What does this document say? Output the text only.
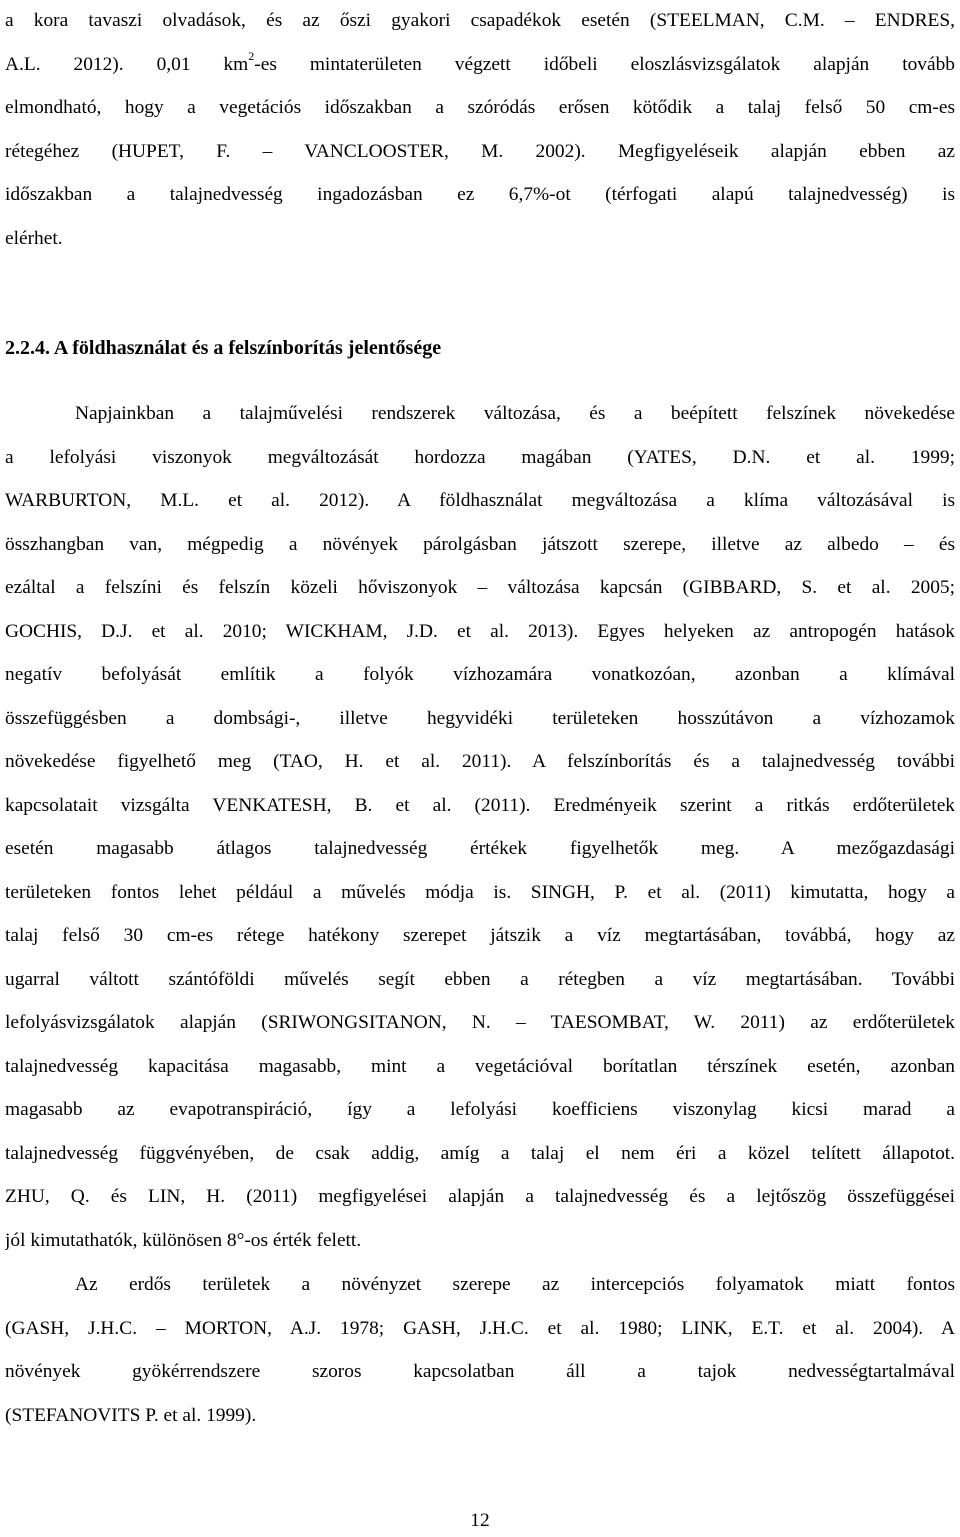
a kora tavaszi olvadások, és az őszi gyakori csapadékok esetén (STEELMAN, C.M. – ENDRES,
A.L. 2012). 0,01 $km^2-es$ mintaterületen végzett időbeli eloszlásvizsgálatok alapján tovább
elmondható, hogy a vegetációs időszakban a szóródás erősen kötődik a talaj felső 50 cm-es
rétegéhez (HUPET, F. – VANCLOOSTER, M. 2002). Megfigyeléseik alapján ebben az
időszakban a talajnedvesség ingadozásban ez 6,7%-ot (térfogati alapú talajnedvesség) is
elérhet.
2.2.4. A földhasználat és a felszínborítás jelentősége
Napjainkban a talajművelési rendszerek változása, és a beépített felszínek növekedése
a lefolyási viszonyok megváltozását hordozza magában (YATES, D.N. et al. 1999;
WARBURTON, M.L. et al. 2012). A földhasználat megváltozása a klíma változásával is
összhangban van, mégpedig a növények párolgásban játszott szerepe, illetve az albedo – és
ezáltal a felszíni és felszín közeli hőviszonyok – változása kapcsán (GIBBARD, S. et al. 2005;
GOCHIS, D.J. et al. 2010; WICKHAM, J.D. et al. 2013). Egyes helyeken az antropogén hatások
negatív befolyását említik a folyók vízhozamára vonatkozóan, azonban a klímával
összefüggésben a dombsági-, illetve hegyvidéki területeken hosszútávon a vízhozamok
növekedése figyelhető meg (TAO, H. et al. 2011). A felszínborítás és a talajnedvesség további
kapcsolatait vizsgálta VENKATESH, B. et al. (2011). Eredményeik szerint a ritkás erdőterületek
esetén magasabb átlagos talajnedvesség értékek figyelhetők meg. A mezőgazdasági
területeken fontos lehet például a művelés módja is. SINGH, P. et al. (2011) kimutatta, hogy a
talaj felső 30 cm-es rétege hatékony szerepet játszik a víz megtartásában, továbbá, hogy az
ugarral váltott szántóföldi művelés segít ebben a rétegben a víz megtartásában. További
lefolyásvizsgálatok alapján (SRIWONGSITANON, N. – TAESOMBAT, W. 2011) az erdőterületek
talajnedvesség kapacitása magasabb, mint a vegetációval borítatlan térszínek esetén, azonban
magasabb az evapotranspiráció, így a lefolyási koefficiens viszonylag kicsi marad a
talajnedvesség függvényében, de csak addig, amíg a talaj el nem éri a közel telített állapotot.
ZHU, Q. és LIN, H. (2011) megfigyelései alapján a talajnedvesség és a lejtőszög összefüggései
jól kimutathatók, különösen 8°-os érték felett.
Az erdős területek a növényzet szerepe az intercepciós folyamatok miatt fontos
(GASH, J.H.C. – MORTON, A.J. 1978; GASH, J.H.C. et al. 1980; LINK, E.T. et al. 2004). A
növények gyökérrendszere szoros kapcsolatban áll a tajok nedvességtartalmával
(STEFANOVITS P. et al. 1999).
12
